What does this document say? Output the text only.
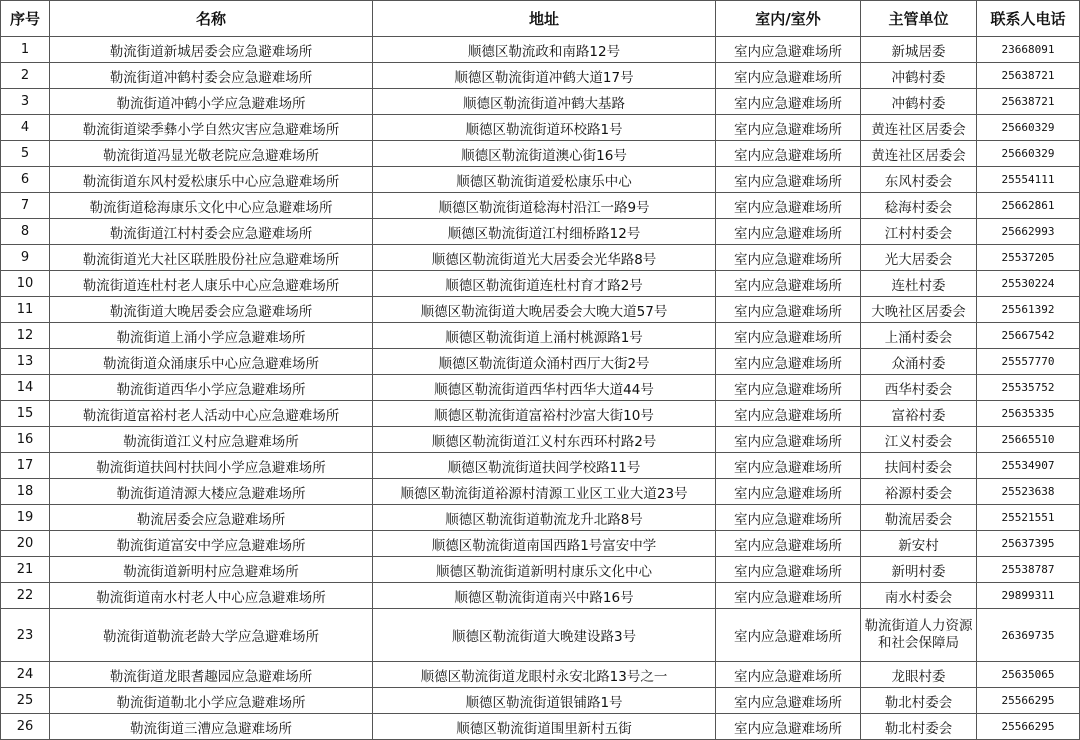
序号	名称	地址	室内/室外	主管单位	联系人电话
1	勒流街道新城居委会应急避难场所	顺德区勒流政和南路12号	室内应急避难场所	新城居委	23668091
2	勒流街道冲鹤村委会应急避难场所	顺德区勒流街道冲鹤大道17号	室内应急避难场所	冲鹤村委	25638721
3	勒流街道冲鹤小学应急避难场所	顺德区勒流街道冲鹤大基路	室内应急避难场所	冲鹤村委	25638721
4	勒流街道梁季彝小学自然灾害应急避难场所	顺德区勒流街道环校路1号	室内应急避难场所	黄连社区居委会	25660329
5	勒流街道冯显光敬老院应急避难场所	顺德区勒流街道澳心街16号	室内应急避难场所	黄连社区居委会	25660329
6	勒流街道东风村爱松康乐中心应急避难场所	顺德区勒流街道爱松康乐中心	室内应急避难场所	东风村委会	25554111
7	勒流街道稔海康乐文化中心应急避难场所	顺德区勒流街道稔海村沿江一路9号	室内应急避难场所	稔海村委会	25662861
8	勒流街道江村村委会应急避难场所	顺德区勒流街道江村细桥路12号	室内应急避难场所	江村村委会	25662993
9	勒流街道光大社区联胜股份社应急避难场所	顺德区勒流街道光大居委会光华路8号	室内应急避难场所	光大居委会	25537205
10	勒流街道连杜村老人康乐中心应急避难场所	顺德区勒流街道连杜村育才路2号	室内应急避难场所	连杜村委	25530224
11	勒流街道大晚居委会应急避难场所	顺德区勒流街道大晚居委会大晚大道57号	室内应急避难场所	大晚社区居委会	25561392
12	勒流街道上涌小学应急避难场所	顺德区勒流街道上涌村桃源路1号	室内应急避难场所	上涌村委会	25667542
13	勒流街道众涌康乐中心应急避难场所	顺德区勒流街道众涌村西厅大街2号	室内应急避难场所	众涌村委	25557770
14	勒流街道西华小学应急避难场所	顺德区勒流街道西华村西华大道44号	室内应急避难场所	西华村委会	25535752
15	勒流街道富裕村老人活动中心应急避难场所	顺德区勒流街道富裕村沙富大街10号	室内应急避难场所	富裕村委	25635335
16	勒流街道江义村应急避难场所	顺德区勒流街道江义村东西环村路2号	室内应急避难场所	江义村委会	25665510
17	勒流街道扶闾村扶闾小学应急避难场所	顺德区勒流街道扶闾学校路11号	室内应急避难场所	扶闾村委会	25534907
18	勒流街道清源大楼应急避难场所	顺德区勒流街道裕源村清源工业区工业大道23号	室内应急避难场所	裕源村委会	25523638
19	勒流居委会应急避难场所	顺德区勒流街道勒流龙升北路8号	室内应急避难场所	勒流居委会	25521551
20	勒流街道富安中学应急避难场所	顺德区勒流街道南国西路1号富安中学	室内应急避难场所	新安村	25637395
21	勒流街道新明村应急避难场所	顺德区勒流街道新明村康乐文化中心	室内应急避难场所	新明村委	25538787
22	勒流街道南水村老人中心应急避难场所	顺德区勒流街道南兴中路16号	室内应急避难场所	南水村委会	29899311
23	勒流街道勒流老龄大学应急避难场所	顺德区勒流街道大晚建设路3号	室内应急避难场所	勒流街道人力资源和社会保障局	26369735
24	勒流街道龙眼耆趣园应急避难场所	顺德区勒流街道龙眼村永安北路13号之一	室内应急避难场所	龙眼村委	25635065
25	勒流街道勒北小学应急避难场所	顺德区勒流街道银铺路1号	室内应急避难场所	勒北村委会	25566295
26	勒流街道三漕应急避难场所	顺德区勒流街道围里新村五街	室内应急避难场所	勒北村委会	25566295
